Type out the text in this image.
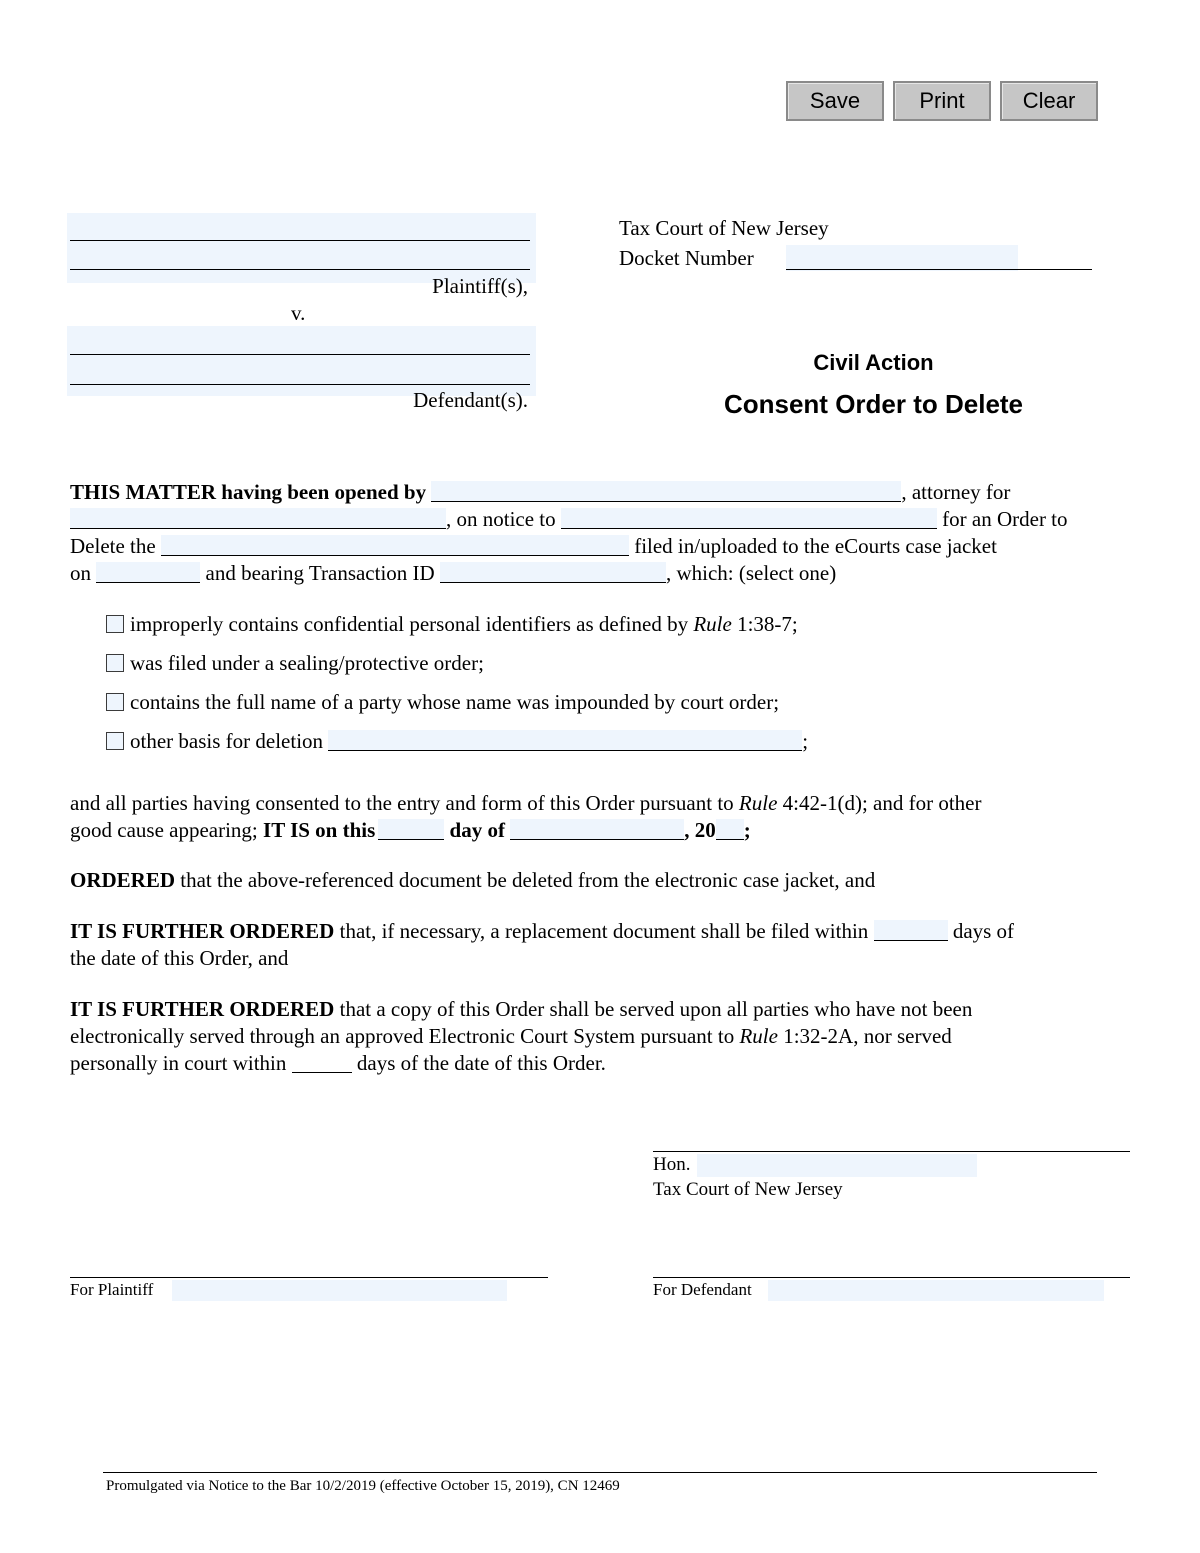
Save	Print	Clear
Plaintiff(s),
v.
Defendant(s).
Tax Court of New Jersey
Docket Number
Civil Action
Consent Order to Delete
THIS MATTER having been opened by	, attorney for
, on notice to	for an Order to
Delete the	filed in/uploaded to the eCourts case jacket
on	and bearing Transaction ID	, which: (select one)
improperly contains confidential personal identifiers as defined by Rule 1:38-7;
was filed under a sealing/protective order;
contains the full name of a party whose name was impounded by court order;
other basis for deletion	;
and all parties having consented to the entry and form of this Order pursuant to Rule 4:42-1(d); and for other
good cause appearing; IT IS on this	day of	, 20 ;
ORDERED that the above-referenced document be deleted from the electronic case jacket, and
IT IS FURTHER ORDERED that, if necessary, a replacement document shall be filed within	days of
the date of this Order, and
IT IS FURTHER ORDERED that a copy of this Order shall be served upon all parties who have not been
electronically served through an approved Electronic Court System pursuant to Rule 1:32-2A, nor served
personally in court within	days of the date of this Order.
Hon.
Tax Court of New Jersey
For Plaintiff	For Defendant
Promulgated via Notice to the Bar 10/2/2019 (effective October 15, 2019), CN 12469
